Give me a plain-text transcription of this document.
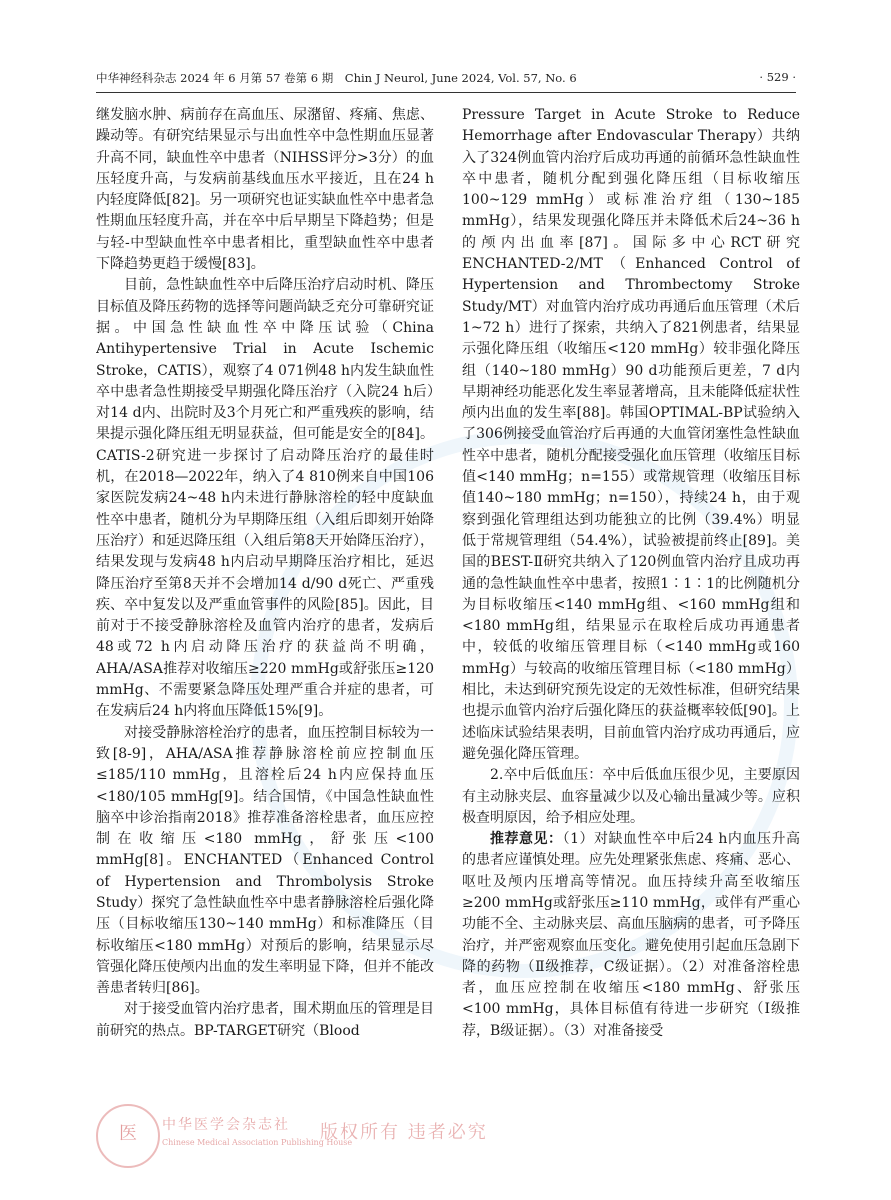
中华神经科杂志 2024 年 6 月第 57 卷第 6 期　Chin J Neurol, June 2024, Vol. 57, No. 6	· 529 ·

继发脑水肿、病前存在高血压、尿潴留、疼痛、焦虑、躁动等。有研究结果显示与出血性卒中急性期血压显著升高不同，缺血性卒中患者（NIHSS评分>3分）的血压轻度升高，与发病前基线血压水平接近，且在24 h内轻度降低[82]。另一项研究也证实缺血性卒中患者急性期血压轻度升高，并在卒中后早期呈下降趋势；但是与轻-中型缺血性卒中患者相比，重型缺血性卒中患者下降趋势更趋于缓慢[83]。

目前，急性缺血性卒中后降压治疗启动时机、降压目标值及降压药物的选择等问题尚缺乏充分可靠研究证据。中国急性缺血性卒中降压试验（China Antihypertensive Trial in Acute Ischemic Stroke，CATIS），观察了4 071例48 h内发生缺血性卒中患者急性期接受早期强化降压治疗（入院24 h后）对14 d内、出院时及3个月死亡和严重残疾的影响，结果提示强化降压组无明显获益，但可能是安全的[84]。CATIS-2研究进一步探讨了启动降压治疗的最佳时机，在2018—2022年，纳入了4 810例来自中国106家医院发病24~48 h内未进行静脉溶栓的轻中度缺血性卒中患者，随机分为早期降压组（入组后即刻开始降压治疗）和延迟降压组（入组后第8天开始降压治疗），结果发现与发病48 h内启动早期降压治疗相比，延迟降压治疗至第8天并不会增加14 d/90 d死亡、严重残疾、卒中复发以及严重血管事件的风险[85]。因此，目前对于不接受静脉溶栓及血管内治疗的患者，发病后48或72 h内启动降压治疗的获益尚不明确，AHA/ASA推荐对收缩压≥220 mmHg或舒张压≥120 mmHg、不需要紧急降压处理严重合并症的患者，可在发病后24 h内将血压降低15%[9]。

对接受静脉溶栓治疗的患者，血压控制目标较为一致[8-9]，AHA/ASA推荐静脉溶栓前应控制血压≤185/110 mmHg，且溶栓后24 h内应保持血压<180/105 mmHg[9]。结合国情，《中国急性缺血性脑卒中诊治指南2018》推荐准备溶栓患者，血压应控制在收缩压<180 mmHg，舒张压<100 mmHg[8]。ENCHANTED（Enhanced Control of Hypertension and Thrombolysis Stroke Study）探究了急性缺血性卒中患者静脉溶栓后强化降压（目标收缩压130~140 mmHg）和标准降压（目标收缩压<180 mmHg）对预后的影响，结果显示尽管强化降压使颅内出血的发生率明显下降，但并不能改善患者转归[86]。

对于接受血管内治疗患者，围术期血压的管理是目前研究的热点。BP-TARGET研究（Blood

Pressure Target in Acute Stroke to Reduce Hemorrhage after Endovascular Therapy）共纳入了324例血管内治疗后成功再通的前循环急性缺血性卒中患者，随机分配到强化降压组（目标收缩压100~129 mmHg）或标准治疗组（130~185 mmHg），结果发现强化降压并未降低术后24~36 h的颅内出血率[87]。国际多中心RCT研究ENCHANTED-2/MT（Enhanced Control of Hypertension and Thrombectomy Stroke Study/MT）对血管内治疗成功再通后血压管理（术后1~72 h）进行了探索，共纳入了821例患者，结果显示强化降压组（收缩压<120 mmHg）较非强化降压组（140~180 mmHg）90 d功能预后更差，7 d内早期神经功能恶化发生率显著增高，且未能降低症状性颅内出血的发生率[88]。韩国OPTIMAL-BP试验纳入了306例接受血管治疗后再通的大血管闭塞性急性缺血性卒中患者，随机分配接受强化血压管理（收缩压目标值<140 mmHg；n=155）或常规管理（收缩压目标值140~180 mmHg；n=150），持续24 h，由于观察到强化管理组达到功能独立的比例（39.4%）明显低于常规管理组（54.4%），试验被提前终止[89]。美国的BEST-Ⅱ研究共纳入了120例血管内治疗且成功再通的急性缺血性卒中患者，按照1∶1∶1的比例随机分为目标收缩压<140 mmHg组、<160 mmHg组和<180 mmHg组，结果显示在取栓后成功再通患者中，较低的收缩压管理目标（<140 mmHg或160 mmHg）与较高的收缩压管理目标（<180 mmHg）相比，未达到研究预先设定的无效性标准，但研究结果也提示血管内治疗后强化降压的获益概率较低[90]。上述临床试验结果表明，目前血管内治疗成功再通后，应避免强化降压管理。

2.卒中后低血压：卒中后低血压很少见，主要原因有主动脉夹层、血容量减少以及心输出量减少等。应积极查明原因，给予相应处理。

推荐意见：（1）对缺血性卒中后24 h内血压升高的患者应谨慎处理。应先处理紧张焦虑、疼痛、恶心、呕吐及颅内压增高等情况。血压持续升高至收缩压≥200 mmHg或舒张压≥110 mmHg，或伴有严重心功能不全、主动脉夹层、高血压脑病的患者，可予降压治疗，并严密观察血压变化。避免使用引起血压急剧下降的药物（Ⅱ级推荐，C级证据）。（2）对准备溶栓患者，血压应控制在收缩压<180 mmHg、舒张压<100 mmHg，具体目标值有待进一步研究（Ⅰ级推荐，B级证据）。（3）对准备接受

医	中华医学会杂志社
Chinese Medical Association Publishing House
版权所有 违者必究
